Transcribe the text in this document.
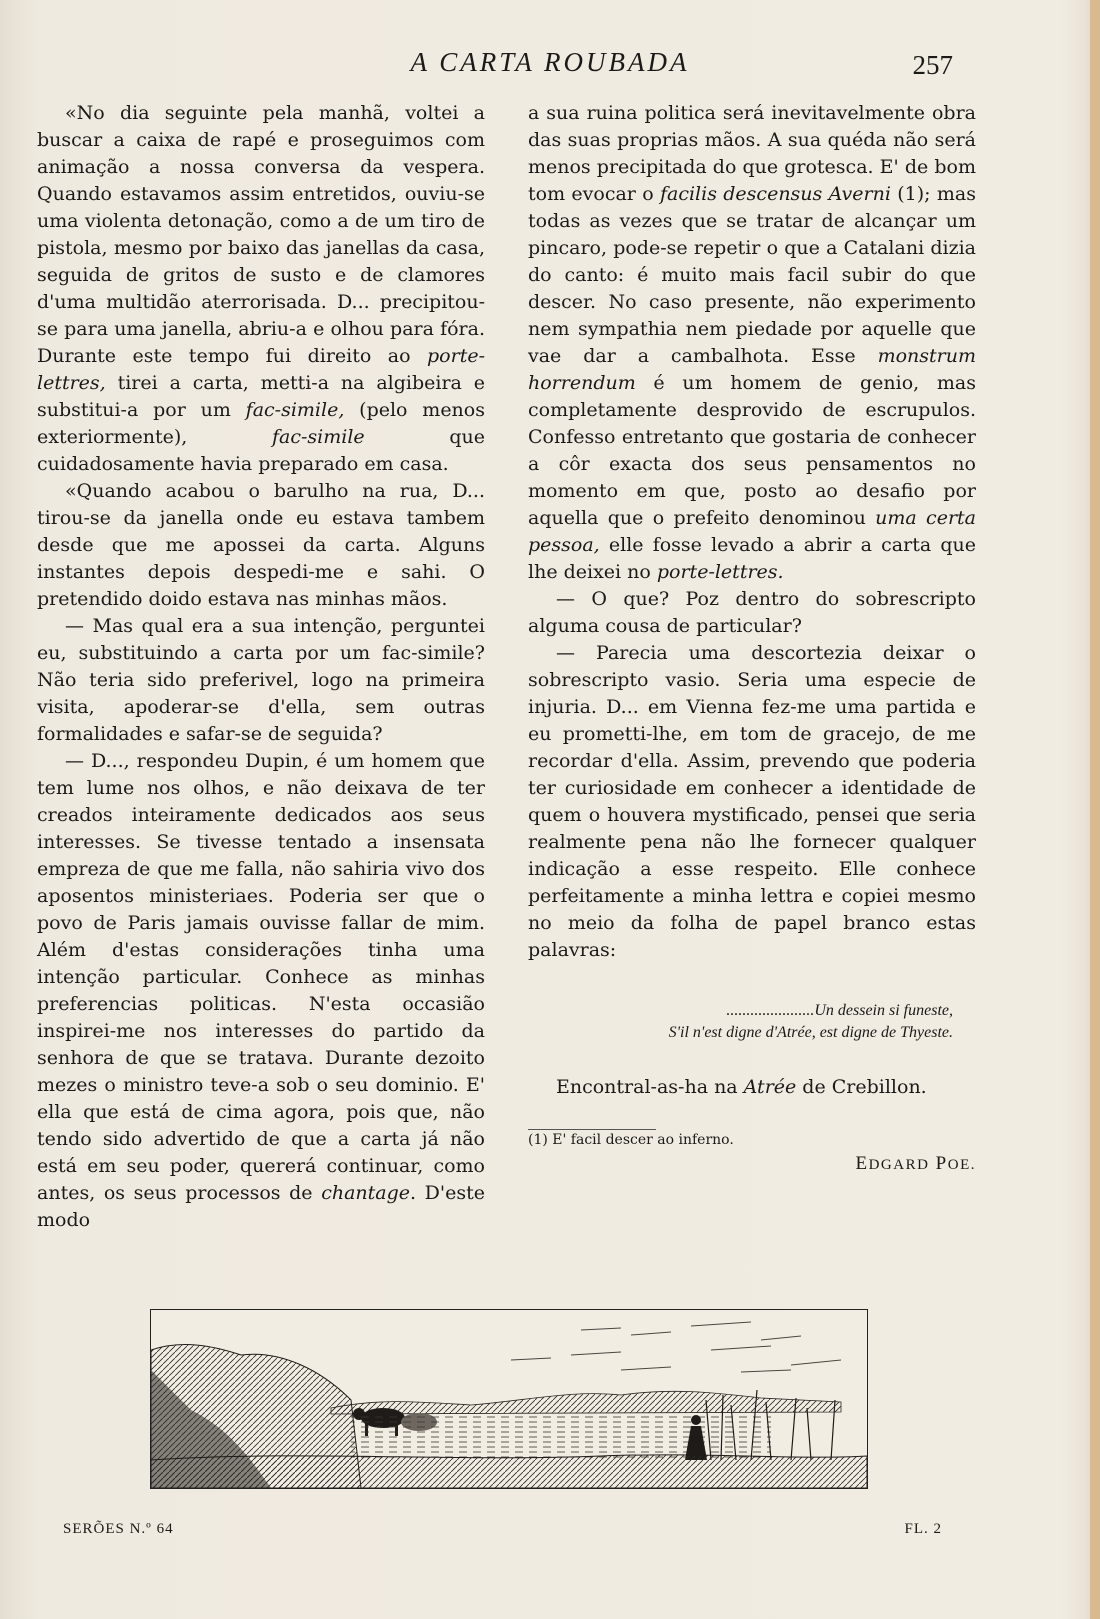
A CARTA ROUBADA	257

«No dia seguinte pela manhã, voltei a buscar a caixa de rapé e proseguimos com animação a nossa conversa da vespera. Quando estavamos assim entretidos, ouviu-se uma violenta detonação, como a de um tiro de pistola, mesmo por baixo das janellas da casa, seguida de gritos de susto e de clamores d'uma multidão aterrorisada. D... precipitou-se para uma janella, abriu-a e olhou para fóra. Durante este tempo fui direito ao porte-lettres, tirei a carta, metti-a na algibeira e substitui-a por um fac-simile, (pelo menos exteriormente), fac-simile que cuidadosamente havia preparado em casa.

«Quando acabou o barulho na rua, D... tirou-se da janella onde eu estava tambem desde que me apossei da carta. Alguns instantes depois despedi-me e sahi. O pretendido doido estava nas minhas mãos.

— Mas qual era a sua intenção, perguntei eu, substituindo a carta por um fac-simile? Não teria sido preferivel, logo na primeira visita, apoderar-se d'ella, sem outras formalidades e safar-se de seguida?

— D..., respondeu Dupin, é um homem que tem lume nos olhos, e não deixava de ter creados inteiramente dedicados aos seus interesses. Se tivesse tentado a insensata empreza de que me falla, não sahiria vivo dos aposentos ministeriaes. Poderia ser que o povo de Paris jamais ouvisse fallar de mim. Além d'estas considerações tinha uma intenção particular. Conhece as minhas preferencias politicas. N'esta occasião inspirei-me nos interesses do partido da senhora de que se tratava. Durante dezoito mezes o ministro teve-a sob o seu dominio. E' ella que está de cima agora, pois que, não tendo sido advertido de que a carta já não está em seu poder, quererá continuar, como antes, os seus processos de chantage. D'este modo

a sua ruina politica será inevitavelmente obra das suas proprias mãos. A sua quéda não será menos precipitada do que grotesca. E' de bom tom evocar o facilis descensus Averni (1); mas todas as vezes que se tratar de alcançar um pincaro, pode-se repetir o que a Catalani dizia do canto: é muito mais facil subir do que descer. No caso presente, não experimento nem sympathia nem piedade por aquelle que vae dar a cambalhota. Esse monstrum horrendum é um homem de genio, mas completamente desprovido de escrupulos. Confesso entretanto que gostaria de conhecer a côr exacta dos seus pensamentos no momento em que, posto ao desafio por aquella que o prefeito denominou uma certa pessoa, elle fosse levado a abrir a carta que lhe deixei no porte-lettres.

— O que? Poz dentro do sobrescripto alguma cousa de particular?

— Parecia uma descortezia deixar o sobrescripto vasio. Seria uma especie de injuria. D... em Vienna fez-me uma partida e eu prometti-lhe, em tom de gracejo, de me recordar d'ella. Assim, prevendo que poderia ter curiosidade em conhecer a identidade de quem o houvera mystificado, pensei que seria realmente pena não lhe fornecer qualquer indicação a esse respeito. Elle conhece perfeitamente a minha lettra e copiei mesmo no meio da folha de papel branco estas palavras:

......................Un dessein si funeste,
S'il n'est digne d'Atrée, est digne de Thyeste.

Encontral-as-ha na Atrée de Crebillon.

(1) E' facil descer ao inferno.

EDGARD POE.

SERÕES N.º 64	FL. 2
